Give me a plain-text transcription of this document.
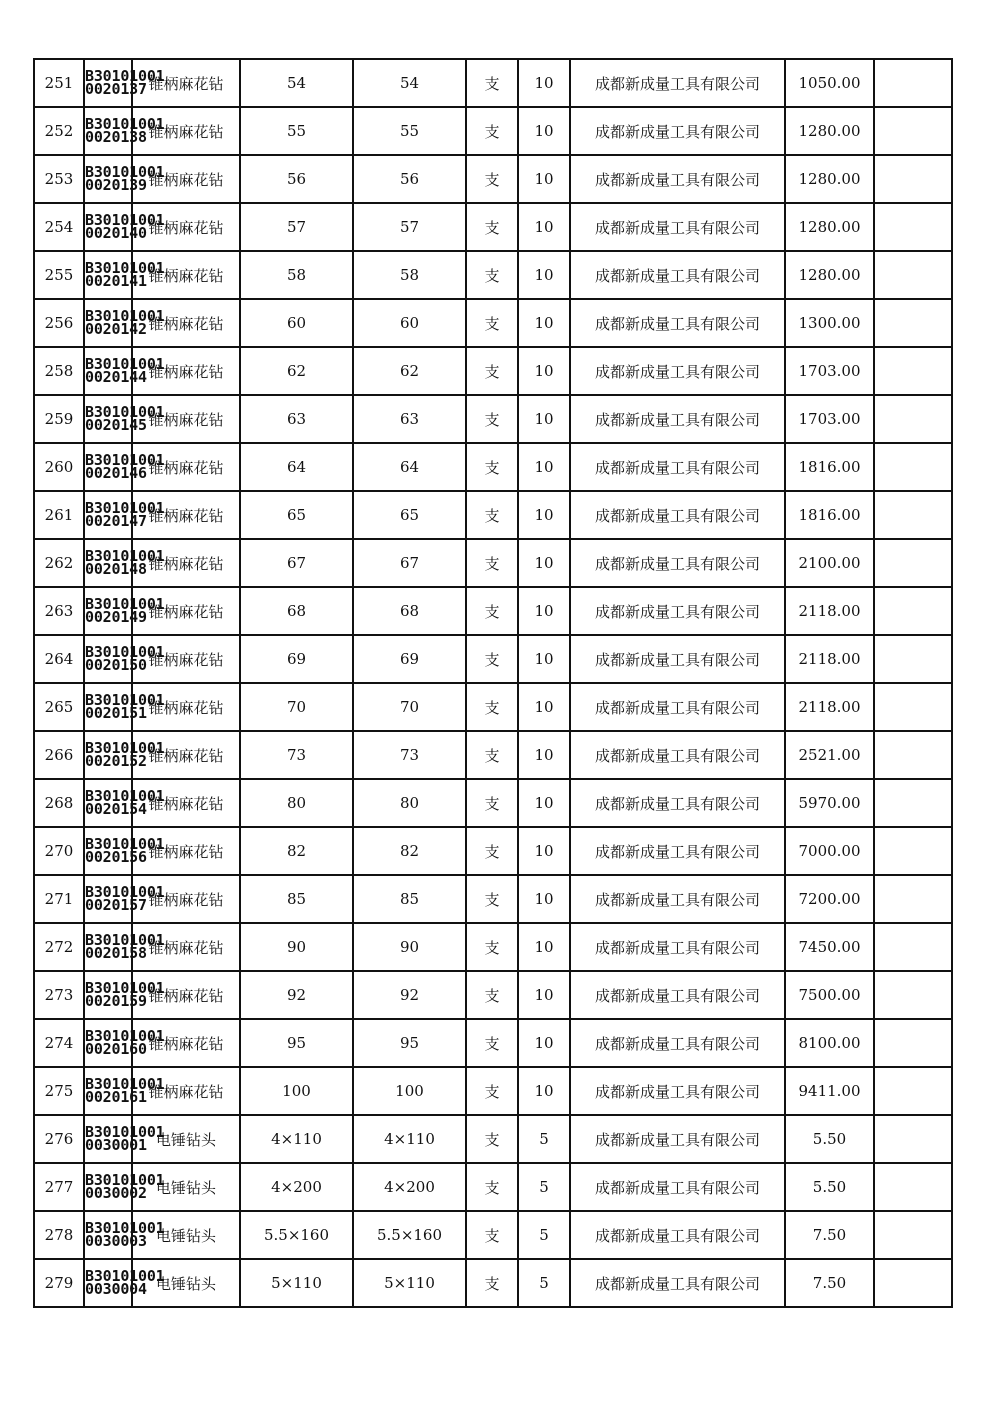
251	B30101001
0020137	锥柄麻花钻	54	54	支	10	成都新成量工具有限公司	1050.00	
252	B30101001
0020138	锥柄麻花钻	55	55	支	10	成都新成量工具有限公司	1280.00	
253	B30101001
0020139	锥柄麻花钻	56	56	支	10	成都新成量工具有限公司	1280.00	
254	B30101001
0020140	锥柄麻花钻	57	57	支	10	成都新成量工具有限公司	1280.00	
255	B30101001
0020141	锥柄麻花钻	58	58	支	10	成都新成量工具有限公司	1280.00	
256	B30101001
0020142	锥柄麻花钻	60	60	支	10	成都新成量工具有限公司	1300.00	
258	B30101001
0020144	锥柄麻花钻	62	62	支	10	成都新成量工具有限公司	1703.00	
259	B30101001
0020145	锥柄麻花钻	63	63	支	10	成都新成量工具有限公司	1703.00	
260	B30101001
0020146	锥柄麻花钻	64	64	支	10	成都新成量工具有限公司	1816.00	
261	B30101001
0020147	锥柄麻花钻	65	65	支	10	成都新成量工具有限公司	1816.00	
262	B30101001
0020148	锥柄麻花钻	67	67	支	10	成都新成量工具有限公司	2100.00	
263	B30101001
0020149	锥柄麻花钻	68	68	支	10	成都新成量工具有限公司	2118.00	
264	B30101001
0020150	锥柄麻花钻	69	69	支	10	成都新成量工具有限公司	2118.00	
265	B30101001
0020151	锥柄麻花钻	70	70	支	10	成都新成量工具有限公司	2118.00	
266	B30101001
0020152	锥柄麻花钻	73	73	支	10	成都新成量工具有限公司	2521.00	
268	B30101001
0020154	锥柄麻花钻	80	80	支	10	成都新成量工具有限公司	5970.00	
270	B30101001
0020156	锥柄麻花钻	82	82	支	10	成都新成量工具有限公司	7000.00	
271	B30101001
0020157	锥柄麻花钻	85	85	支	10	成都新成量工具有限公司	7200.00	
272	B30101001
0020158	锥柄麻花钻	90	90	支	10	成都新成量工具有限公司	7450.00	
273	B30101001
0020159	锥柄麻花钻	92	92	支	10	成都新成量工具有限公司	7500.00	
274	B30101001
0020160	锥柄麻花钻	95	95	支	10	成都新成量工具有限公司	8100.00	
275	B30101001
0020161	锥柄麻花钻	100	100	支	10	成都新成量工具有限公司	9411.00	
276	B30101001
0030001	电锤钻头	4×110	4×110	支	5	成都新成量工具有限公司	5.50	
277	B30101001
0030002	电锤钻头	4×200	4×200	支	5	成都新成量工具有限公司	5.50	
278	B30101001
0030003	电锤钻头	5.5×160	5.5×160	支	5	成都新成量工具有限公司	7.50	
279	B30101001
0030004	电锤钻头	5×110	5×110	支	5	成都新成量工具有限公司	7.50	
